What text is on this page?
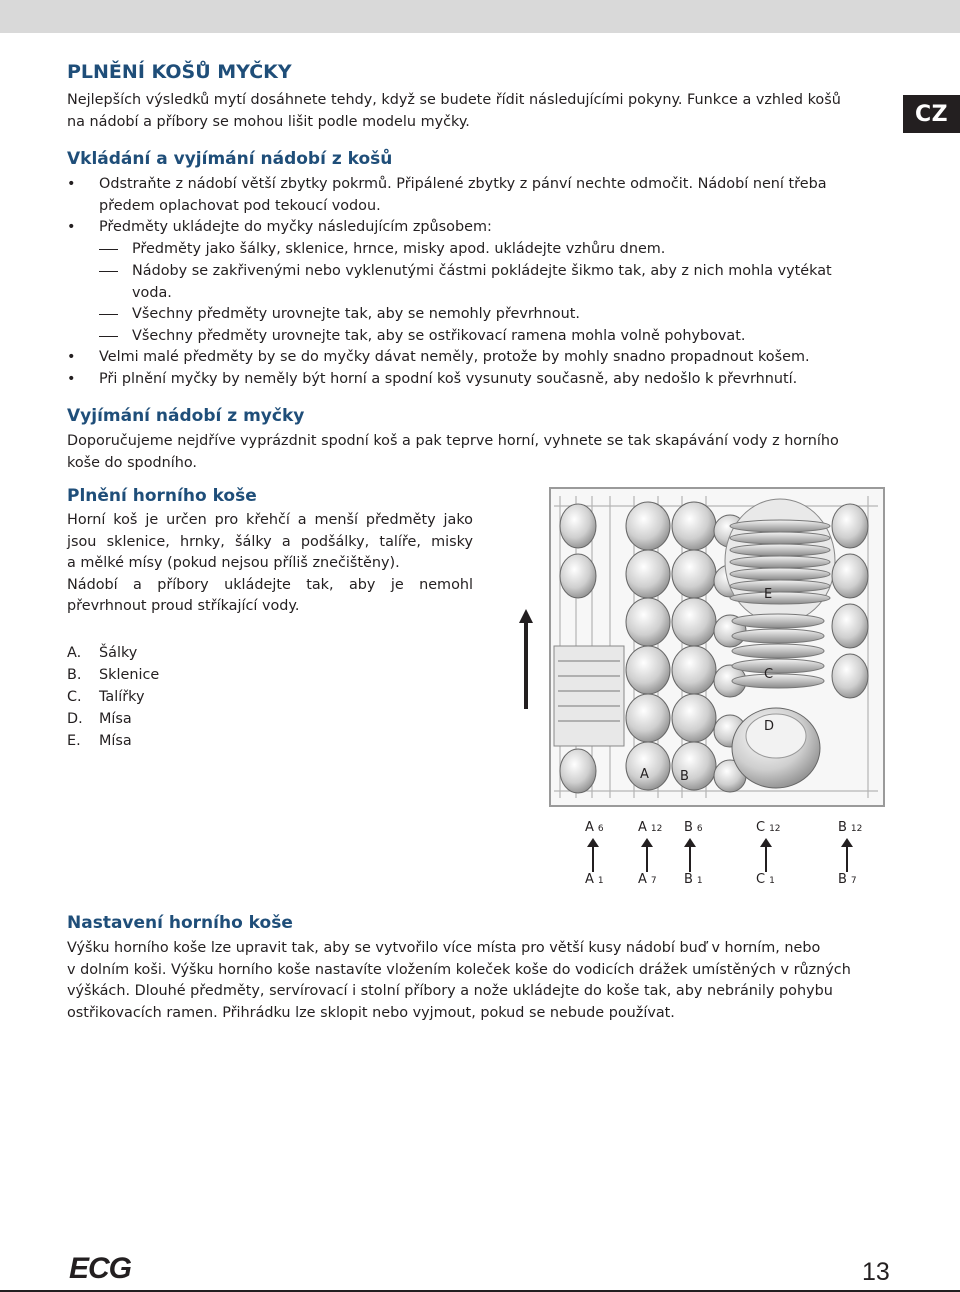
CZ
PLNĚNÍ KOŠŮ MYČKY
Nejlepších výsledků mytí dosáhnete tehdy, když se budete řídit následujícími pokyny. Funkce a vzhled košů
na nádobí a příbory se mohou lišit podle modelu myčky.
Vkládání a vyjímání nádobí z košů
• Odstraňte z nádobí větší zbytky pokrmů. Připálené zbytky z pánví nechte odmočit. Nádobí není třeba
předem oplachovat pod tekoucí vodou.
• Předměty ukládejte do myčky následujícím způsobem:
Předměty jako šálky, sklenice, hrnce, misky apod. ukládejte vzhůru dnem.
Nádoby se zakřivenými nebo vyklenutými částmi pokládejte šikmo tak, aby z nich mohla vytékat
voda.
Všechny předměty urovnejte tak, aby se nemohly převrhnout.
Všechny předměty urovnejte tak, aby se ostřikovací ramena mohla volně pohybovat.
• Velmi malé předměty by se do myčky dávat neměly, protože by mohly snadno propadnout košem.
• Při plnění myčky by neměly být horní a spodní koš vysunuty současně, aby nedošlo k převrhnutí.
Vyjímání nádobí z myčky
Doporučujeme nejdříve vyprázdnit spodní koš a pak teprve horní, vyhnete se tak skapávání vody z horního
koše do spodního.
Plnění horního koše
Horní koš je určen pro křehčí a menší předměty jako
jsou sklenice, hrnky, šálky a podšálky, talíře, misky
a mělké mísy (pokud nejsou příliš znečištěny).
Nádobí a příbory ukládejte tak, aby je nemohl
převrhnout proud stříkající vody.
A.	Šálky
B.	Sklenice
C.	Talířky
D.	Mísa
E.	Mísa
E
C
D
A B
A 6	A 12 B 6	C 12	B 12
A 1	A 7 B 1	C 1	B 7
Nastavení horního koše
Výšku horního koše lze upravit tak, aby se vytvořilo více místa pro větší kusy nádobí buď v horním, nebo
v dolním koši. Výšku horního koše nastavíte vložením koleček koše do vodicích drážek umístěných v různých
výškách. Dlouhé předměty, servírovací i stolní příbory a nože ukládejte do koše tak, aby nebránily pohybu
ostřikovacích ramen. Přihrádku lze sklopit nebo vyjmout, pokud se nebude používat.
ECG	13
